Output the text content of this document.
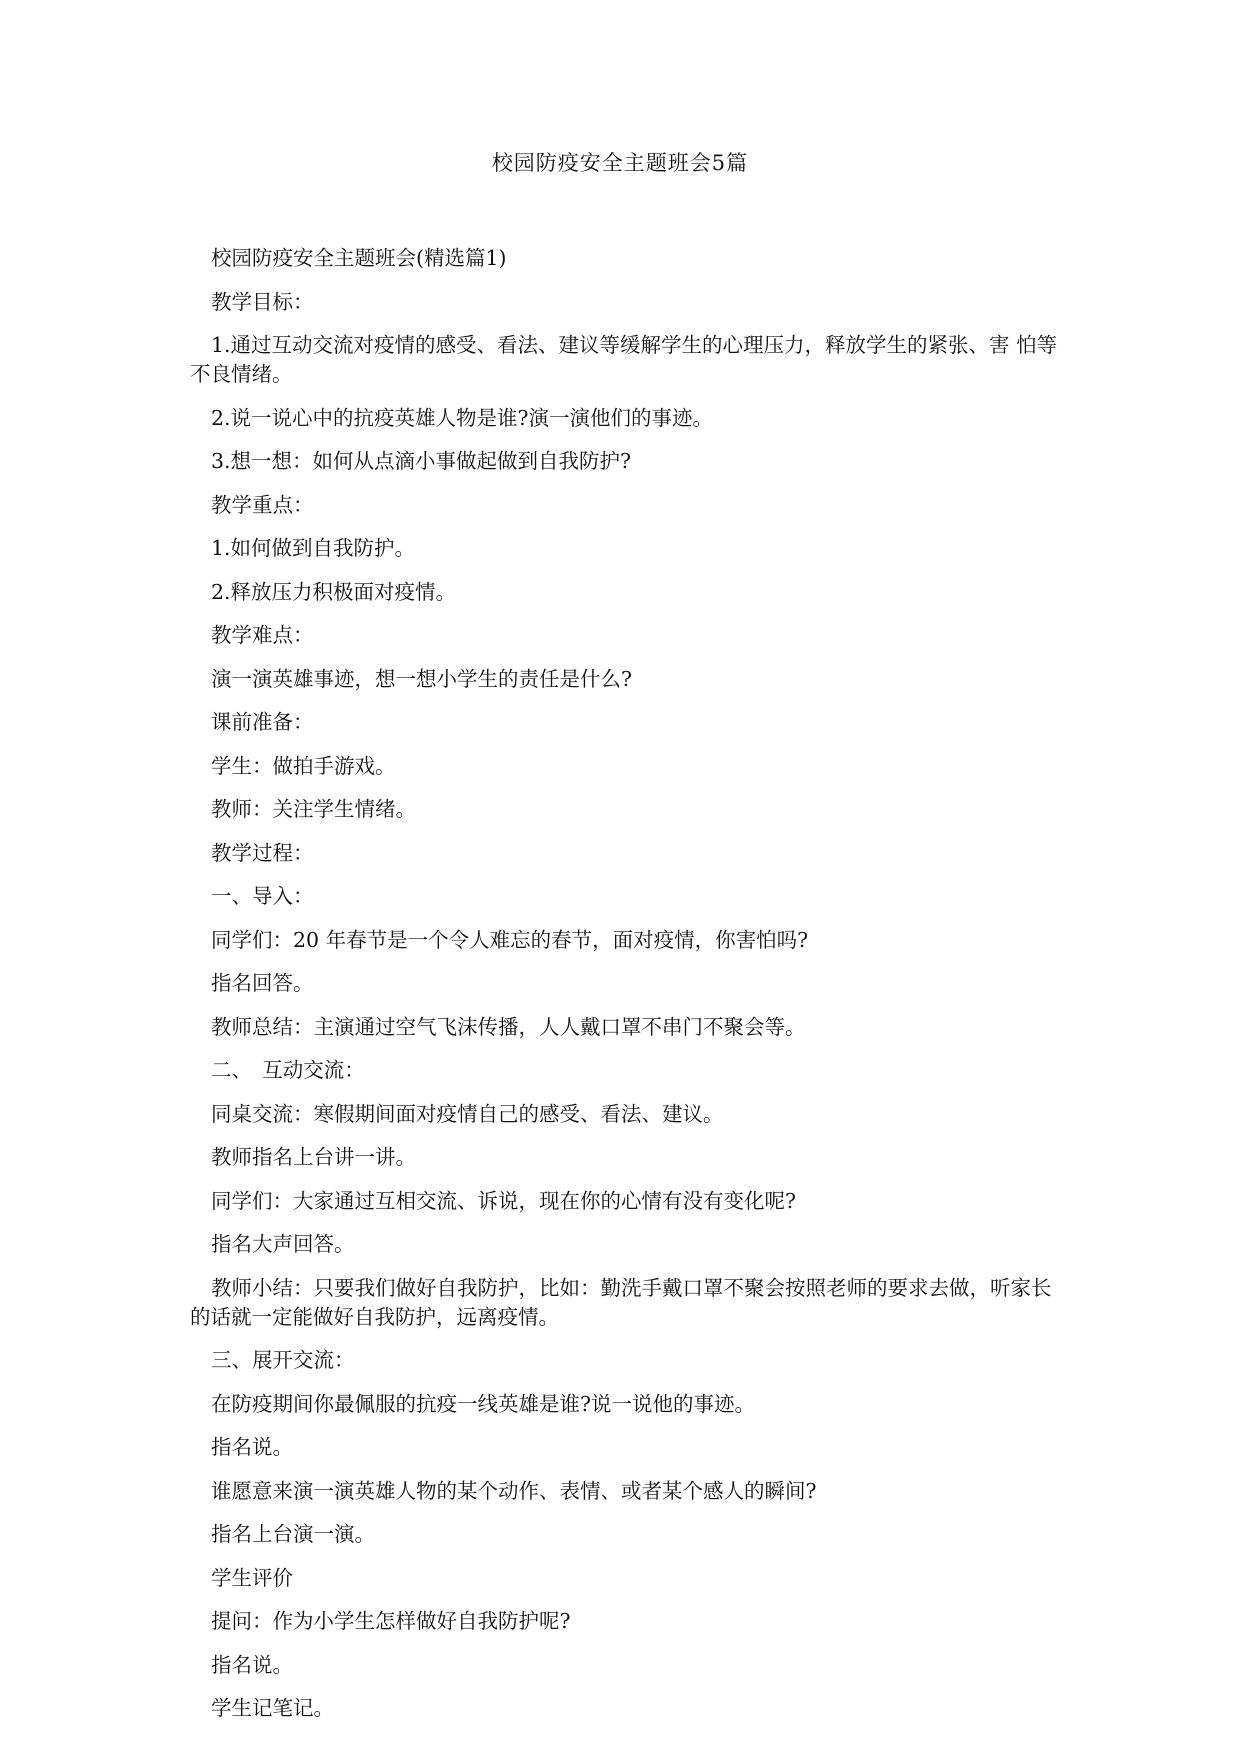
校园防疫安全主题班会5篇

校园防疫安全主题班会(精选篇1)

教学目标：

1.通过互动交流对疫情的感受、看法、建议等缓解学生的心理压力，释放学生的紧张、害 怕等不良情绪。

2.说一说心中的抗疫英雄人物是谁?演一演他们的事迹。

3.想一想：如何从点滴小事做起做到自我防护?

教学重点：

1.如何做到自我防护。

2.释放压力积极面对疫情。

教学难点：

演一演英雄事迹，想一想小学生的责任是什么?

课前准备：

学生：做拍手游戏。

教师：关注学生情绪。

教学过程：

一、导入：

同学们：20 年春节是一个令人难忘的春节，面对疫情，你害怕吗?

指名回答。

教师总结：主演通过空气飞沫传播，人人戴口罩不串门不聚会等。

二、　互动交流：

同桌交流：寒假期间面对疫情自己的感受、看法、建议。

教师指名上台讲一讲。

同学们：大家通过互相交流、诉说，现在你的心情有没有变化呢?

指名大声回答。

教师小结：只要我们做好自我防护，比如：勤洗手戴口罩不聚会按照老师的要求去做，听家长的话就一定能做好自我防护，远离疫情。

三、展开交流：

在防疫期间你最佩服的抗疫一线英雄是谁?说一说他的事迹。

指名说。

谁愿意来演一演英雄人物的某个动作、表情、或者某个感人的瞬间?

指名上台演一演。

学生评价

提问：作为小学生怎样做好自我防护呢?

指名说。

学生记笔记。
